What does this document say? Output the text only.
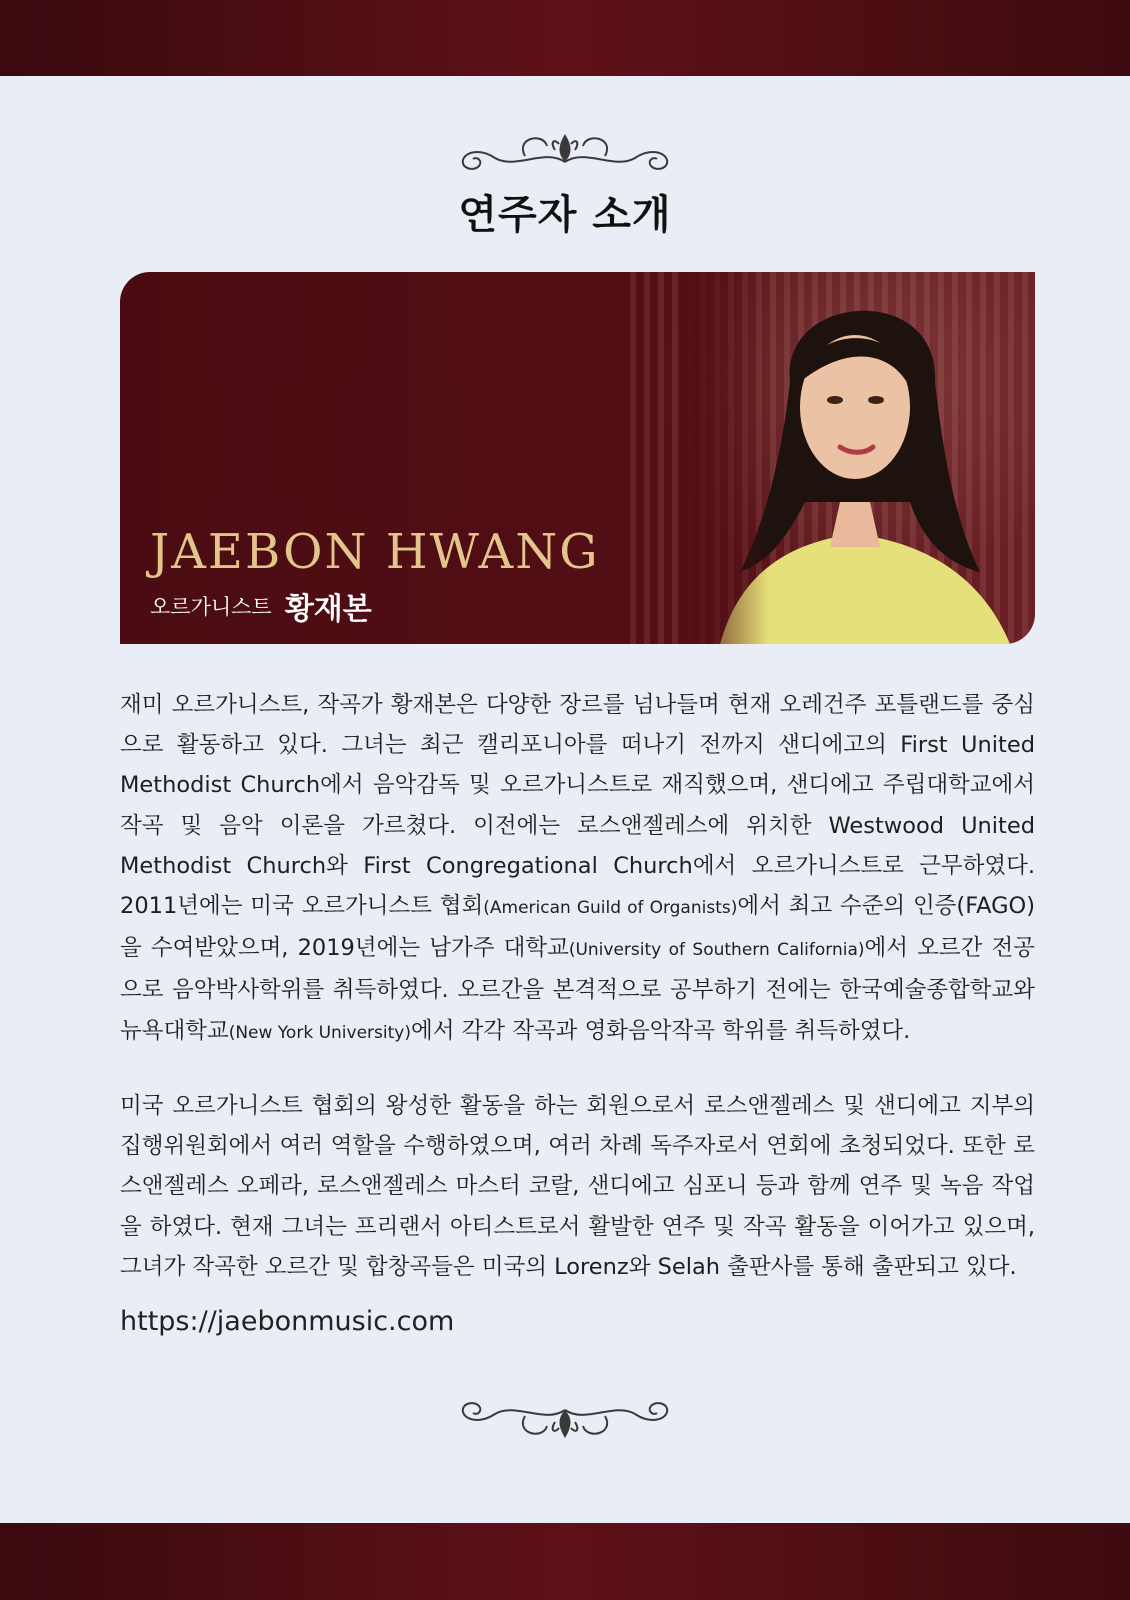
연주자 소개
JAEBON HWANG
오르가니스트 황재본

재미 오르가니스트, 작곡가 황재본은 다양한 장르를 넘나들며 현재 오레건주 포틀랜드를 중심으로 활동하고 있다. 그녀는 최근 캘리포니아를 떠나기 전까지 샌디에고의 First United Methodist Church에서 음악감독 및 오르가니스트로 재직했으며, 샌디에고 주립대학교에서 작곡 및 음악 이론을 가르쳤다. 이전에는 로스앤젤레스에 위치한 Westwood United Methodist Church와 First Congregational Church에서 오르가니스트로 근무하였다. 2011년에는 미국 오르가니스트 협회(American Guild of Organists)에서 최고 수준의 인증(FAGO)을 수여받았으며, 2019년에는 남가주 대학교(University of Southern California)에서 오르간 전공으로 음악박사학위를 취득하였다. 오르간을 본격적으로 공부하기 전에는 한국예술종합학교와 뉴욕대학교(New York University)에서 각각 작곡과 영화음악작곡 학위를 취득하였다.

미국 오르가니스트 협회의 왕성한 활동을 하는 회원으로서 로스앤젤레스 및 샌디에고 지부의 집행위원회에서 여러 역할을 수행하였으며, 여러 차례 독주자로서 연회에 초청되었다. 또한 로스앤젤레스 오페라, 로스앤젤레스 마스터 코랄, 샌디에고 심포니 등과 함께 연주 및 녹음 작업을 하였다. 현재 그녀는 프리랜서 아티스트로서 활발한 연주 및 작곡 활동을 이어가고 있으며, 그녀가 작곡한 오르간 및 합창곡들은 미국의 Lorenz와 Selah 출판사를 통해 출판되고 있다.

https://jaebonmusic.com
